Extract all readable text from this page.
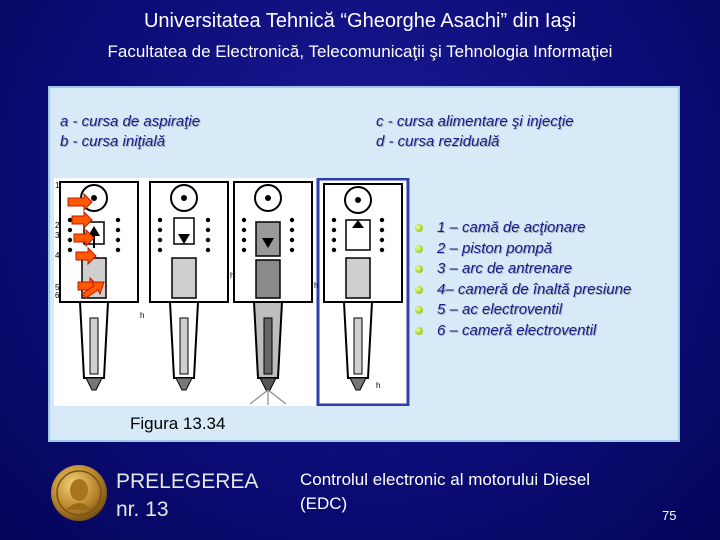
Universitatea Tehnică “Gheorghe Asachi” din Iaşi
Facultatea de Electronică, Telecomunicaţii şi Tehnologia Informaţiei
a - cursa de aspiraţie
b - cursa iniţială
c - cursa alimentare şi injecţie
d - cursa reziduală
1
2
3
4
5
6
h
h
h
h
1 – camă de acţionare
2 – piston pompă
3 – arc de antrenare
4– cameră de înaltă presiune
5 – ac electroventil
6 – cameră electroventil
Figura 13.34
PRELEGEREA
nr. 13
Controlul electronic al motorului Diesel (EDC)
75
